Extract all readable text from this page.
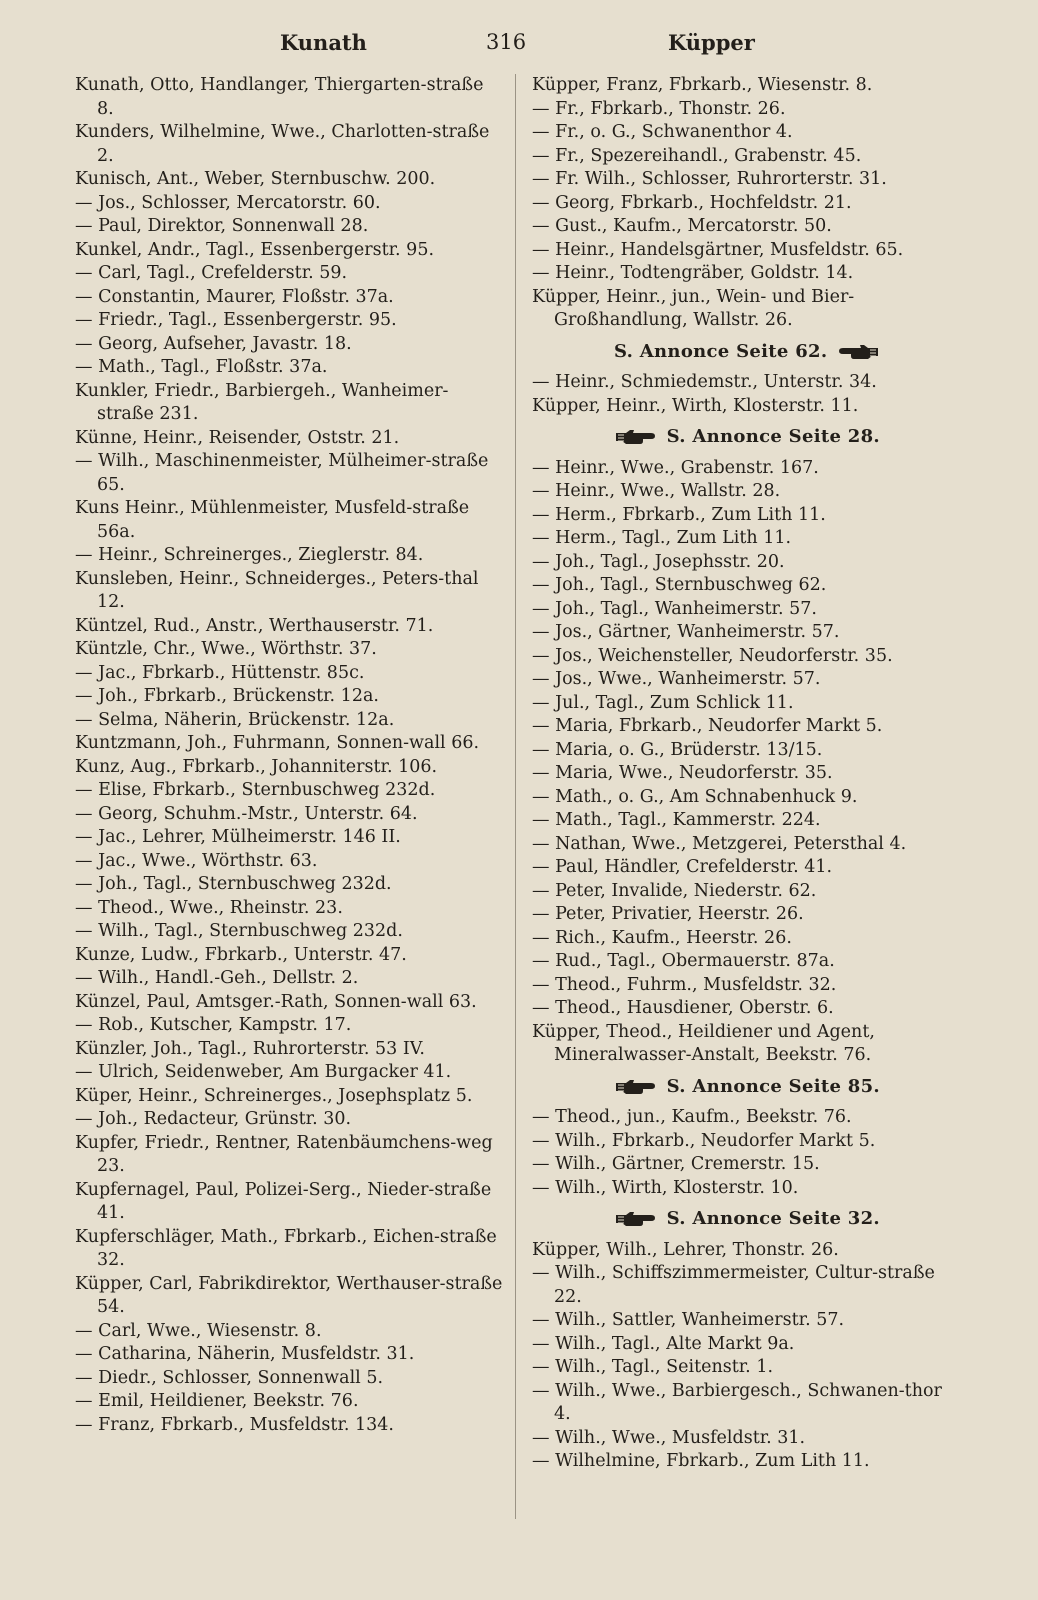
Kunath	316	Küpper
Kunath, Otto, Handlanger, Thiergarten-straße 8.
Kunders, Wilhelmine, Wwe., Charlotten-straße 2.
Kunisch, Ant., Weber, Sternbuschw. 200.
— Jos., Schlosser, Mercatorstr. 60.
— Paul, Direktor, Sonnenwall 28.
Kunkel, Andr., Tagl., Essenbergerstr. 95.
— Carl, Tagl., Crefelderstr. 59.
— Constantin, Maurer, Floßstr. 37a.
— Friedr., Tagl., Essenbergerstr. 95.
— Georg, Aufseher, Javastr. 18.
— Math., Tagl., Floßstr. 37a.
Kunkler, Friedr., Barbiergeh., Wanheimer-straße 231.
Künne, Heinr., Reisender, Oststr. 21.
— Wilh., Maschinenmeister, Mülheimer-straße 65.
Kuns Heinr., Mühlenmeister, Musfeld-straße 56a.
— Heinr., Schreinerges., Zieglerstr. 84.
Kunsleben, Heinr., Schneiderges., Peters-thal 12.
Küntzel, Rud., Anstr., Werthauserstr. 71.
Küntzle, Chr., Wwe., Wörthstr. 37.
— Jac., Fbrkarb., Hüttenstr. 85c.
— Joh., Fbrkarb., Brückenstr. 12a.
— Selma, Näherin, Brückenstr. 12a.
Kuntzmann, Joh., Fuhrmann, Sonnen-wall 66.
Kunz, Aug., Fbrkarb., Johanniterstr. 106.
— Elise, Fbrkarb., Sternbuschweg 232d.
— Georg, Schuhm.-Mstr., Unterstr. 64.
— Jac., Lehrer, Mülheimerstr. 146 II.
— Jac., Wwe., Wörthstr. 63.
— Joh., Tagl., Sternbuschweg 232d.
— Theod., Wwe., Rheinstr. 23.
— Wilh., Tagl., Sternbuschweg 232d.
Kunze, Ludw., Fbrkarb., Unterstr. 47.
— Wilh., Handl.-Geh., Dellstr. 2.
Künzel, Paul, Amtsger.-Rath, Sonnen-wall 63.
— Rob., Kutscher, Kampstr. 17.
Künzler, Joh., Tagl., Ruhrorterstr. 53 IV.
— Ulrich, Seidenweber, Am Burgacker 41.
Küper, Heinr., Schreinerges., Josephsplatz 5.
— Joh., Redacteur, Grünstr. 30.
Kupfer, Friedr., Rentner, Ratenbäumchens-weg 23.
Kupfernagel, Paul, Polizei-Serg., Nieder-straße 41.
Kupferschläger, Math., Fbrkarb., Eichen-straße 32.
Küpper, Carl, Fabrikdirektor, Werthauser-straße 54.
— Carl, Wwe., Wiesenstr. 8.
— Catharina, Näherin, Musfeldstr. 31.
— Diedr., Schlosser, Sonnenwall 5.
— Emil, Heildiener, Beekstr. 76.
— Franz, Fbrkarb., Musfeldstr. 134.
Küpper, Franz, Fbrkarb., Wiesenstr. 8.
— Fr., Fbrkarb., Thonstr. 26.
— Fr., o. G., Schwanenthor 4.
— Fr., Spezereihandl., Grabenstr. 45.
— Fr. Wilh., Schlosser, Ruhrorterstr. 31.
— Georg, Fbrkarb., Hochfeldstr. 21.
— Gust., Kaufm., Mercatorstr. 50.
— Heinr., Handelsgärtner, Musfeldstr. 65.
— Heinr., Todtengräber, Goldstr. 14.
Küpper, Heinr., jun., Wein- und Bier-Großhandlung, Wallstr. 26.
S. Annonce Seite 62.
— Heinr., Schmiedemstr., Unterstr. 34.
Küpper, Heinr., Wirth, Klosterstr. 11.
S. Annonce Seite 28.
— Heinr., Wwe., Grabenstr. 167.
— Heinr., Wwe., Wallstr. 28.
— Herm., Fbrkarb., Zum Lith 11.
— Herm., Tagl., Zum Lith 11.
— Joh., Tagl., Josephsstr. 20.
— Joh., Tagl., Sternbuschweg 62.
— Joh., Tagl., Wanheimerstr. 57.
— Jos., Gärtner, Wanheimerstr. 57.
— Jos., Weichensteller, Neudorferstr. 35.
— Jos., Wwe., Wanheimerstr. 57.
— Jul., Tagl., Zum Schlick 11.
— Maria, Fbrkarb., Neudorfer Markt 5.
— Maria, o. G., Brüderstr. 13/15.
— Maria, Wwe., Neudorferstr. 35.
— Math., o. G., Am Schnabenhuck 9.
— Math., Tagl., Kammerstr. 224.
— Nathan, Wwe., Metzgerei, Petersthal 4.
— Paul, Händler, Crefelderstr. 41.
— Peter, Invalide, Niederstr. 62.
— Peter, Privatier, Heerstr. 26.
— Rich., Kaufm., Heerstr. 26.
— Rud., Tagl., Obermauerstr. 87a.
— Theod., Fuhrm., Musfeldstr. 32.
— Theod., Hausdiener, Oberstr. 6.
Küpper, Theod., Heildiener und Agent, Mineralwasser-Anstalt, Beekstr. 76.
S. Annonce Seite 85.
— Theod., jun., Kaufm., Beekstr. 76.
— Wilh., Fbrkarb., Neudorfer Markt 5.
— Wilh., Gärtner, Cremerstr. 15.
— Wilh., Wirth, Klosterstr. 10.
S. Annonce Seite 32.
Küpper, Wilh., Lehrer, Thonstr. 26.
— Wilh., Schiffszimmermeister, Cultur-straße 22.
— Wilh., Sattler, Wanheimerstr. 57.
— Wilh., Tagl., Alte Markt 9a.
— Wilh., Tagl., Seitenstr. 1.
— Wilh., Wwe., Barbiergesch., Schwanen-thor 4.
— Wilh., Wwe., Musfeldstr. 31.
— Wilhelmine, Fbrkarb., Zum Lith 11.
